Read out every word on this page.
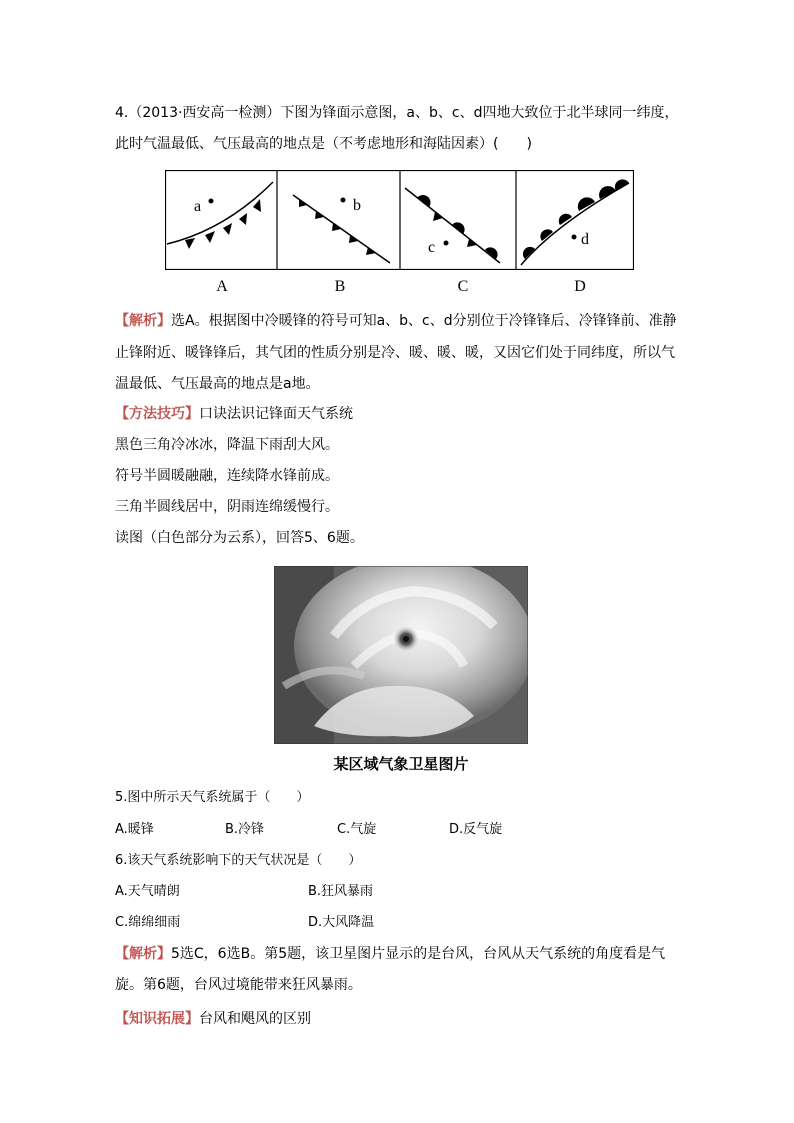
4.（2013·西安高一检测）下图为锋面示意图，a、b、c、d四地大致位于北半球同一纬度，
此时气温最低、气压最高的地点是（不考虑地形和海陆因素）(　　)
a	b
c	d
A	B	C	D
【解析】选A。根据图中冷暖锋的符号可知a、b、c、d分别位于冷锋锋后、冷锋锋前、准静
止锋附近、暖锋锋后，其气团的性质分别是冷、暖、暖、暖，又因它们处于同纬度，所以气
温最低、气压最高的地点是a地。
【方法技巧】口诀法识记锋面天气系统
黑色三角冷冰冰，降温下雨刮大风。
符号半圆暖融融，连续降水锋前成。
三角半圆线居中，阴雨连绵缓慢行。
读图（白色部分为云系），回答5、6题。
某区域气象卫星图片
5.图中所示天气系统属于（　　）
A.暖锋	B.冷锋	C.气旋	D.反气旋
6.该天气系统影响下的天气状况是（　　）
A.天气晴朗	B.狂风暴雨
C.绵绵细雨	D.大风降温
【解析】5选C，6选B。第5题，该卫星图片显示的是台风，台风从天气系统的角度看是气
旋。第6题，台风过境能带来狂风暴雨。
【知识拓展】台风和飓风的区别
